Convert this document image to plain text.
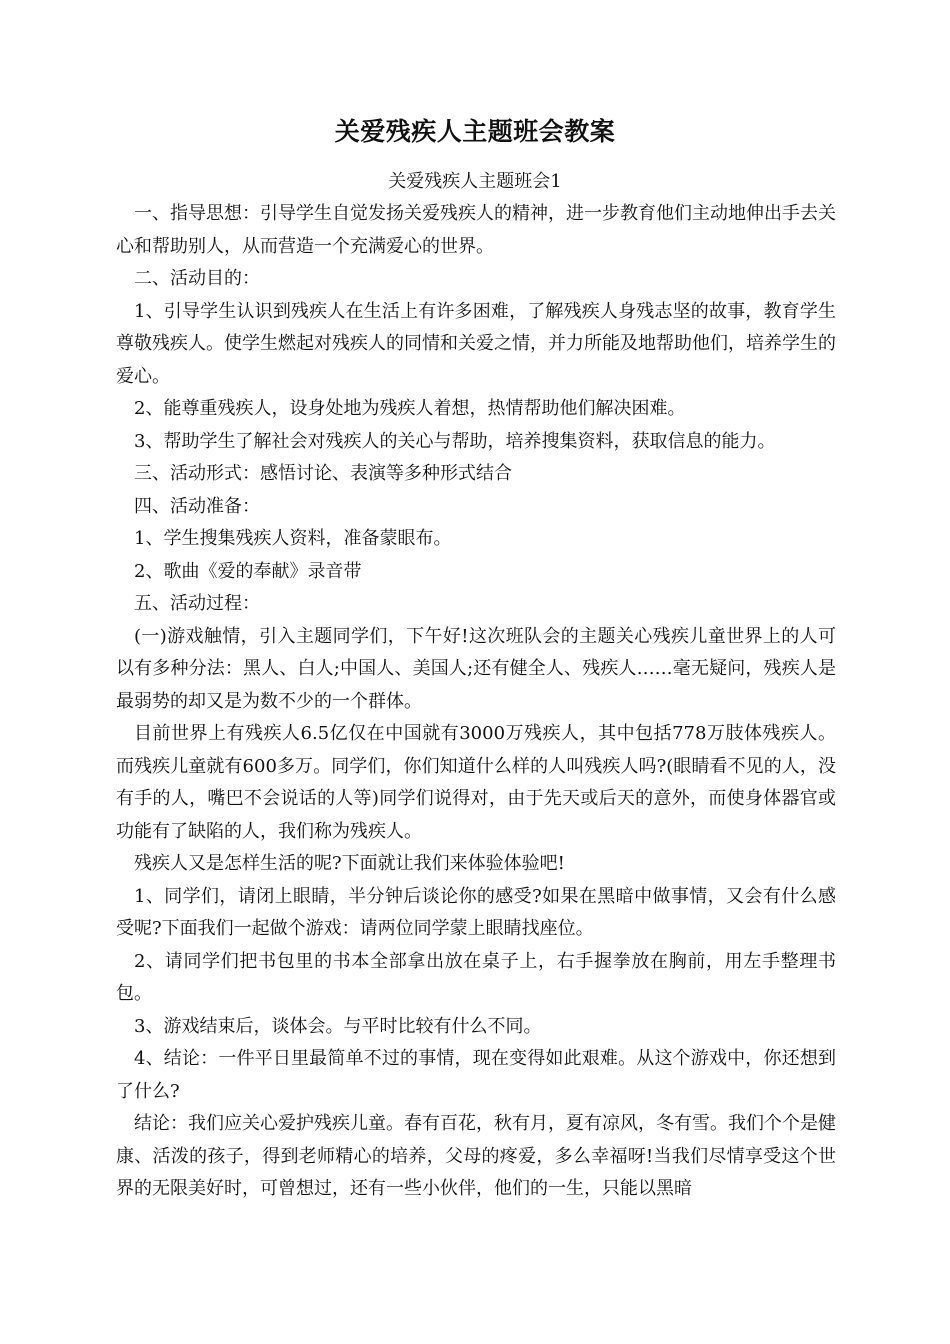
关爱残疾人主题班会教案
关爱残疾人主题班会1

一、指导思想：引导学生自觉发扬关爱残疾人的精神，进一步教育他们主动地伸出手去关心和帮助别人，从而营造一个充满爱心的世界。

二、活动目的：

1、引导学生认识到残疾人在生活上有许多困难，了解残疾人身残志坚的故事，教育学生尊敬残疾人。使学生燃起对残疾人的同情和关爱之情，并力所能及地帮助他们，培养学生的爱心。

2、能尊重残疾人，设身处地为残疾人着想，热情帮助他们解决困难。

3、帮助学生了解社会对残疾人的关心与帮助，培养搜集资料，获取信息的能力。

三、活动形式：感悟讨论、表演等多种形式结合

四、活动准备：

1、学生搜集残疾人资料，准备蒙眼布。

2、歌曲《爱的奉献》录音带

五、活动过程：

(一)游戏触情，引入主题同学们，下午好!这次班队会的主题关心残疾儿童世界上的人可以有多种分法：黑人、白人;中国人、美国人;还有健全人、残疾人……毫无疑问，残疾人是最弱势的却又是为数不少的一个群体。

目前世界上有残疾人6.5亿仅在中国就有3000万残疾人，其中包括778万肢体残疾人。而残疾儿童就有600多万。同学们，你们知道什么样的人叫残疾人吗?(眼睛看不见的人，没有手的人，嘴巴不会说话的人等)同学们说得对，由于先天或后天的意外，而使身体器官或功能有了缺陷的人，我们称为残疾人。

残疾人又是怎样生活的呢?下面就让我们来体验体验吧!

1、同学们，请闭上眼睛，半分钟后谈论你的感受?如果在黑暗中做事情，又会有什么感受呢?下面我们一起做个游戏：请两位同学蒙上眼睛找座位。

2、请同学们把书包里的书本全部拿出放在桌子上，右手握拳放在胸前，用左手整理书包。

3、游戏结束后，谈体会。与平时比较有什么不同。

4、结论：一件平日里最简单不过的事情，现在变得如此艰难。从这个游戏中，你还想到了什么?

结论：我们应关心爱护残疾儿童。春有百花，秋有月，夏有凉风，冬有雪。我们个个是健康、活泼的孩子，得到老师精心的培养，父母的疼爱，多么幸福呀!当我们尽情享受这个世界的无限美好时，可曾想过，还有一些小伙伴，他们的一生，只能以黑暗
